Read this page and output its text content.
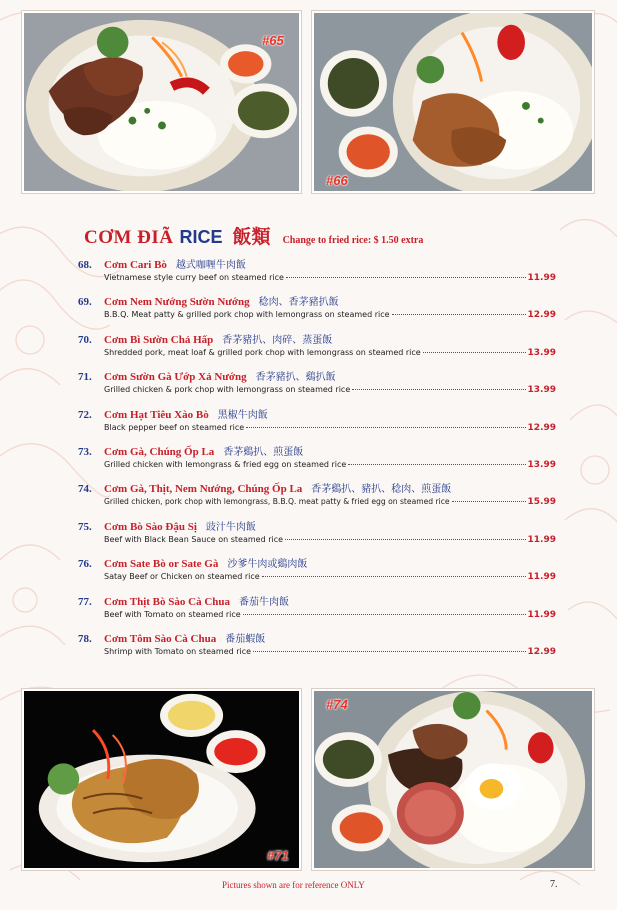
#65
#66
CƠM ĐIÃ RICE 飯類 Change to fried rice: $ 1.50 extra
68.	Cơm Cari Bò 越式咖喱牛肉飯
Vietnamese style curry beef on steamed rice	11.99
69.	Cơm Nem Nướng Sườn Nướng 稔肉、香茅豬扒飯
B.B.Q. Meat patty & grilled pork chop with lemongrass on steamed rice	12.99
70.	Cơm Bì Sườn Chả Hấp 香茅豬扒、肉碎、蒸蛋飯
Shredded pork, meat loaf & grilled pork chop with lemongrass on steamed rice	13.99
71.	Cơm Sườn Gà Ướp Xả Nướng 香茅豬扒、鷄扒飯
Grilled chicken & pork chop with lemongrass on steamed rice	13.99
72.	Cơm Hạt Tiêu Xào Bò 黑椒牛肉飯
Black pepper beef on steamed rice	12.99
73.	Cơm Gà, Chúng Ốp La 香茅鷄扒、煎蛋飯
Grilled chicken with lemongrass & fried egg on steamed rice	13.99
74.	Cơm Gà, Thịt, Nem Nướng, Chúng Ốp La 香茅鷄扒、豬扒、稔肉、煎蛋飯
Grilled chicken, pork chop with lemongrass, B.B.Q. meat patty & fried egg on steamed rice	15.99
75.	Cơm Bò Sào Đậu Sị 豉汁牛肉飯
Beef with Black Bean Sauce on steamed rice	11.99
76.	Cơm Sate Bò or Sate Gà 沙爹牛肉或鷄肉飯
Satay Beef or Chicken on steamed rice	11.99
77.	Cơm Thịt Bò Sào Cà Chua 番茄牛肉飯
Beef with Tomato on steamed rice	11.99
78.	Cơm Tôm Sào Cà Chua 番茄蝦飯
Shrimp with Tomato on steamed rice	12.99
#71
#74
Pictures shown are for reference ONLY	7.
